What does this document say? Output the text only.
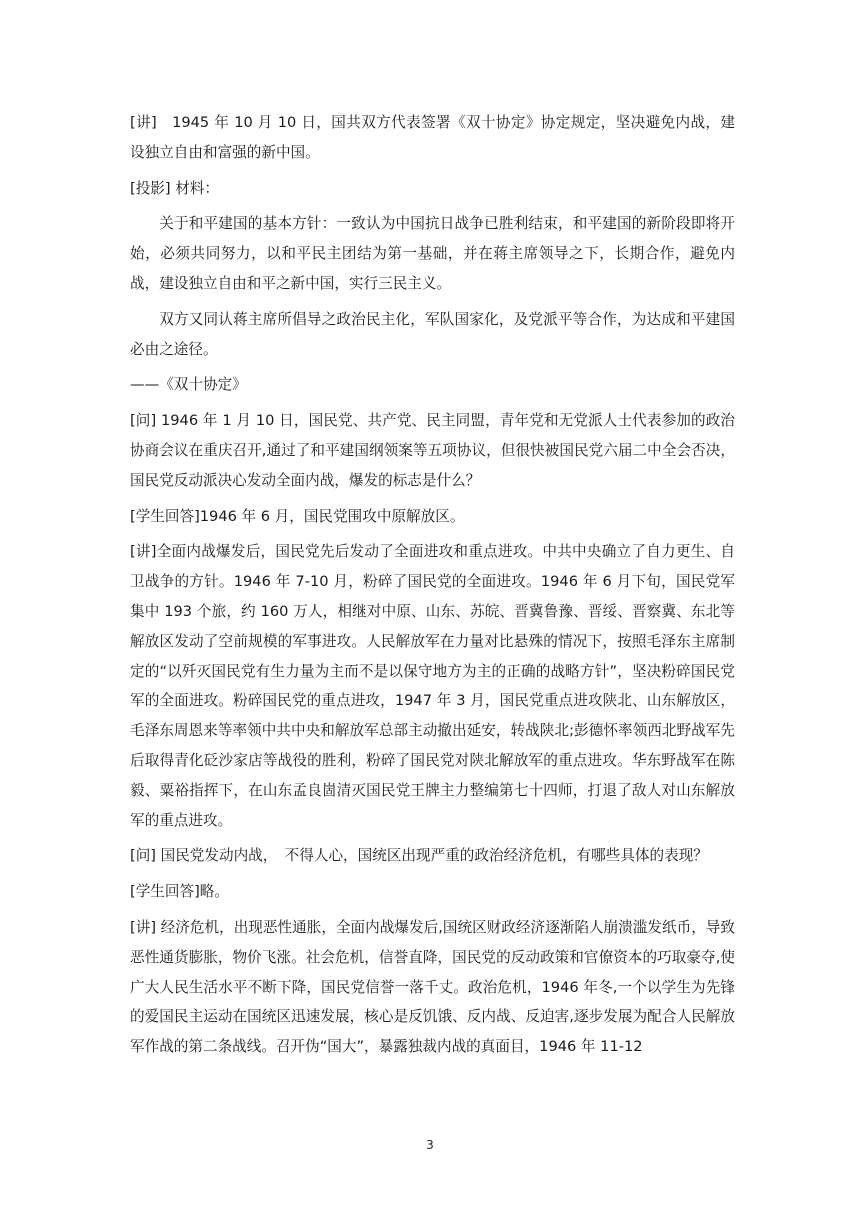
[讲]　1945 年 10 月 10 日，国共双方代表签署《双十协定》协定规定，坚决避免内战，建设独立自由和富强的新中国。

[投影] 材料：

关于和平建国的基本方针：一致认为中国抗日战争已胜利结束，和平建国的新阶段即将开始，必须共同努力，以和平民主团结为第一基础，并在蒋主席领导之下，长期合作，避免内战，建设独立自由和平之新中国，实行三民主义。

双方又同认蒋主席所倡导之政治民主化，军队国家化，及党派平等合作，为达成和平建国必由之途径。

——《双十协定》

[问] 1946 年 1 月 10 日，国民党、共产党、民主同盟，青年党和无党派人士代表参加的政治协商会议在重庆召开,通过了和平建国纲领案等五项协议，但很快被国民党六届二中全会否决，国民党反动派决心发动全面内战，爆发的标志是什么？

[学生回答]1946 年 6 月，国民党围攻中原解放区。

[讲]全面内战爆发后，国民党先后发动了全面进攻和重点进攻。中共中央确立了自力更生、自卫战争的方针。1946 年 7-10 月，粉碎了国民党的全面进攻。1946 年 6 月下旬，国民党军集中 193 个旅，约 160 万人，相继对中原、山东、苏皖、晋冀鲁豫、晋绥、晋察冀、东北等解放区发动了空前规模的军事进攻。人民解放军在力量对比悬殊的情况下，按照毛泽东主席制定的“以歼灭国民党有生力量为主而不是以保守地方为主的正确的战略方针”，坚决粉碎国民党军的全面进攻。粉碎国民党的重点进攻，1947 年 3 月，国民党重点进攻陕北、山东解放区，毛泽东周恩来等率领中共中央和解放军总部主动撤出延安，转战陕北;彭德怀率领西北野战军先后取得青化砭沙家店等战役的胜利，粉碎了国民党对陕北解放军的重点进攻。华东野战军在陈毅、粟裕指挥下，在山东孟良崮清灭国民党王牌主力整编第七十四师，打退了敌人对山东解放军的重点进攻。

[问] 国民党发动内战，　不得人心，国统区出现严重的政治经济危机，有哪些具体的表现？

[学生回答]略。

[讲] 经济危机，出现恶性通胀，全面内战爆发后,国统区财政经济逐渐陷人崩溃滥发纸币，导致恶性通货膨胀，物价飞涨。社会危机，信誉直降，国民党的反动政策和官僚资本的巧取豪夺,使广大人民生活水平不断下降，国民党信誉一落千丈。政治危机，1946 年冬,一个以学生为先锋的爱国民主运动在国统区迅速发展，核心是反饥饿、反内战、反迫害,逐步发展为配合人民解放军作战的第二条战线。召开伪“国大”，暴露独裁内战的真面目，1946 年 11-12

3
